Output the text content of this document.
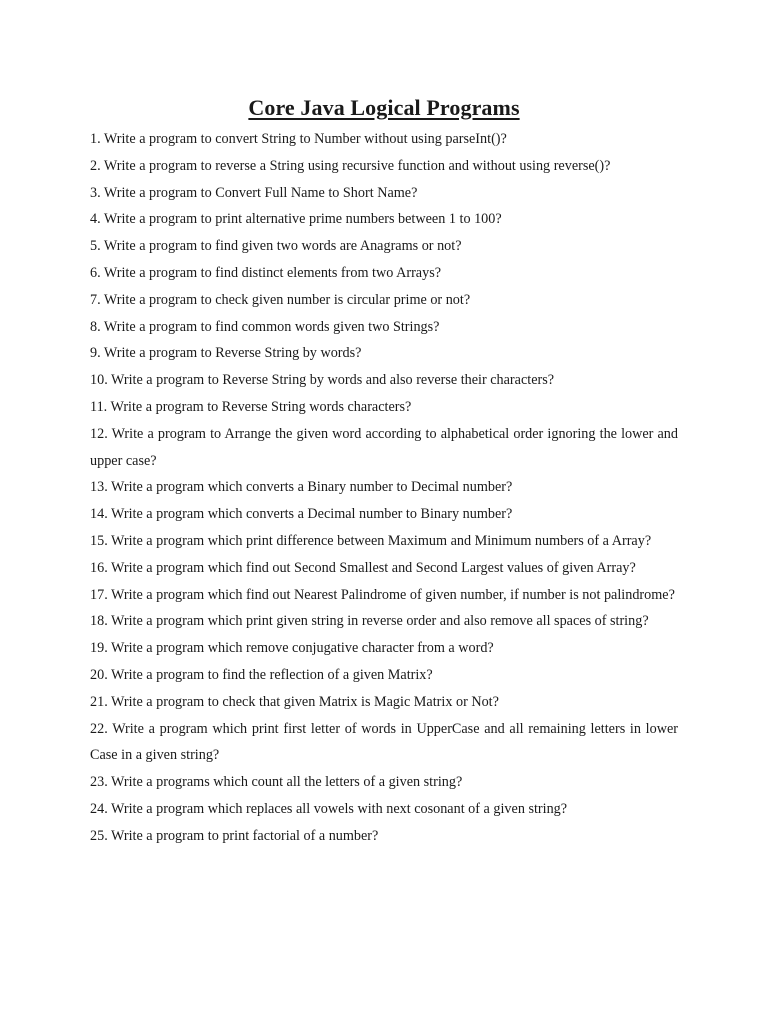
Core Java Logical Programs
1. Write a program to convert String to Number without using parseInt()?
2. Write a program to reverse a String using recursive function and without using reverse()?
3. Write a program to Convert Full Name to Short Name?
4. Write a program to print alternative prime numbers between 1 to 100?
5. Write a program to find given two words are Anagrams or not?
6. Write a program to find distinct elements from two Arrays?
7. Write a program to check given number is circular prime or not?
8. Write a program to find common words given two Strings?
9. Write a program to Reverse String by words?
10. Write a program to Reverse String by words and also reverse their characters?
11. Write a program to Reverse String words characters?
12. Write a program to Arrange the given word according to alphabetical order ignoring the lower and upper case?
13. Write a program which converts a Binary number to Decimal number?
14. Write a program which converts a Decimal number to Binary number?
15. Write a program which print difference between Maximum and Minimum numbers of a Array?
16. Write a program which find out Second Smallest and Second Largest values of given Array?
17. Write a program which find out Nearest Palindrome of given number, if number is not palindrome?
18. Write a program which print given string in reverse order and also remove all spaces of string?
19. Write a program which remove conjugative character from a word?
20. Write a program to find the reflection of a given Matrix?
21. Write a program to check that given Matrix is Magic Matrix or Not?
22. Write a program which print first letter of words in UpperCase and all remaining letters in lower Case in a given string?
23. Write a programs which count all the letters of a given string?
24. Write a program which replaces all vowels with next cosonant of a given string?
25. Write a program to print factorial of a number?
